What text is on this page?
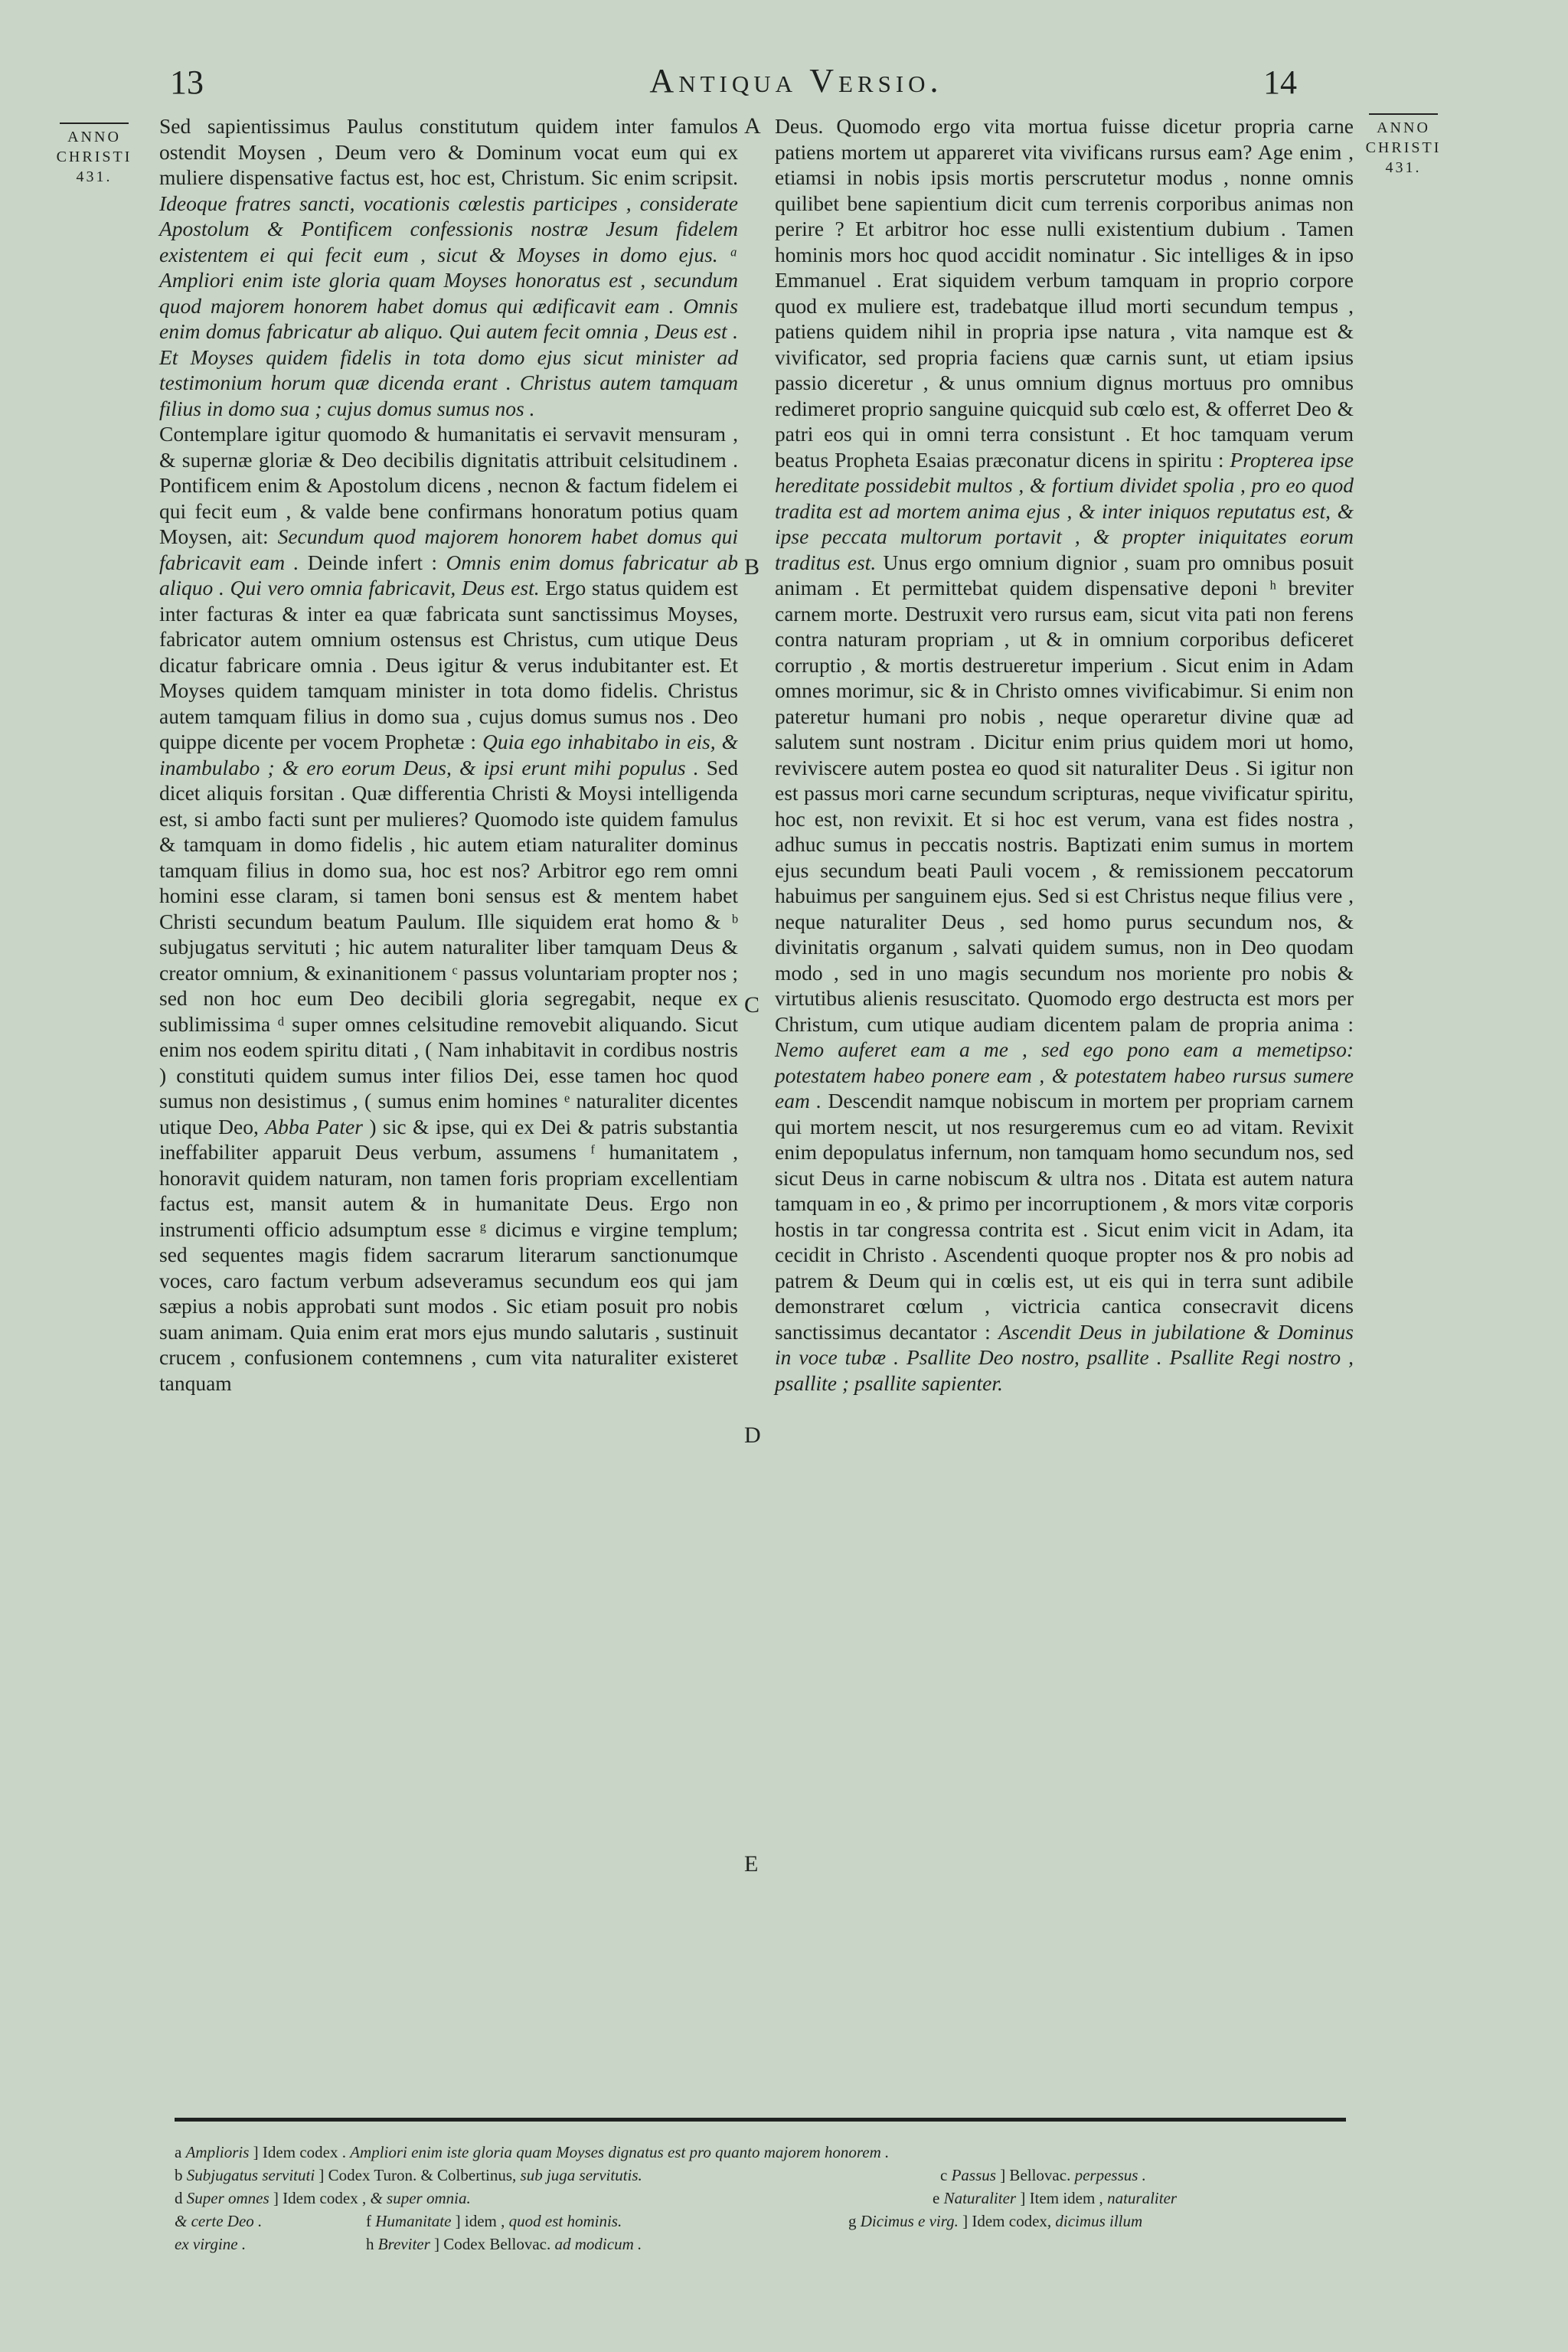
13	Antiqua Versio.	14
ANNO
CHRISTI
431.
ANNO
CHRISTI
431.
A
B
C
D
E

Sed sapientissimus Paulus constitutum quidem inter famulos ostendit Moysen , Deum vero & Dominum vocat eum qui ex muliere dispensative factus est, hoc est, Christum. Sic enim scripsit. Ideoque fratres sancti, vocationis cœlestis participes , considerate Apostolum & Pontificem confessionis nostræ Jesum fidelem existentem ei qui fecit eum , sicut & Moyses in domo ejus. ᵃ Ampliori enim iste gloria quam Moyses honoratus est , secundum quod majorem honorem habet domus qui ædificavit eam . Omnis enim domus fabricatur ab aliquo. Qui autem fecit omnia , Deus est . Et Moyses quidem fidelis in tota domo ejus sicut minister ad testimonium horum quæ dicenda erant . Christus autem tamquam filius in domo sua ; cujus domus sumus nos .

Contemplare igitur quomodo & humanitatis ei servavit mensuram , & supernæ gloriæ & Deo decibilis dignitatis attribuit celsitudinem . Pontificem enim & Apostolum dicens , necnon & factum fidelem ei qui fecit eum , & valde bene confirmans honoratum potius quam Moysen, ait: Secundum quod majorem honorem habet domus qui fabricavit eam . Deinde infert : Omnis enim domus fabricatur ab aliquo . Qui vero omnia fabricavit, Deus est. Ergo status quidem est inter facturas & inter ea quæ fabricata sunt sanctissimus Moyses, fabricator autem omnium ostensus est Christus, cum utique Deus dicatur fabricare omnia . Deus igitur & verus indubitanter est. Et Moyses quidem tamquam minister in tota domo fidelis. Christus autem tamquam filius in domo sua , cujus domus sumus nos . Deo quippe dicente per vocem Prophetæ : Quia ego inhabitabo in eis, & inambulabo ; & ero eorum Deus, & ipsi erunt mihi populus . Sed dicet aliquis forsitan . Quæ differentia Christi & Moysi intelligenda est, si ambo facti sunt per mulieres? Quomodo iste quidem famulus & tamquam in domo fidelis , hic autem etiam naturaliter dominus tamquam filius in domo sua, hoc est nos? Arbitror ego rem omni homini esse claram, si tamen boni sensus est & mentem habet Christi secundum beatum Paulum. Ille siquidem erat homo & ᵇ subjugatus servituti ; hic autem naturaliter liber tamquam Deus & creator omnium, & exinanitionem ᶜ passus voluntariam propter nos ; sed non hoc eum Deo decibili gloria segregabit, neque ex sublimissima ᵈ super omnes celsitudine removebit aliquando. Sicut enim nos eodem spiritu ditati , ( Nam inhabitavit in cordibus nostris ) constituti quidem sumus inter filios Dei, esse tamen hoc quod sumus non desistimus , ( sumus enim homines ᵉ naturaliter dicentes utique Deo, Abba Pater ) sic & ipse, qui ex Dei & patris substantia ineffabiliter apparuit Deus verbum, assumens ᶠ humanitatem , honoravit quidem naturam, non tamen foris propriam excellentiam factus est, mansit autem & in humanitate Deus. Ergo non instrumenti officio adsumptum esse ᵍ dicimus e virgine templum; sed sequentes magis fidem sacrarum literarum sanctionumque voces, caro factum verbum adseveramus secundum eos qui jam sæpius a nobis approbati sunt modos . Sic etiam posuit pro nobis suam animam. Quia enim erat mors ejus mundo salutaris , sustinuit crucem , confusionem contemnens , cum vita naturaliter existeret tanquam

Deus. Quomodo ergo vita mortua fuisse dicetur propria carne patiens mortem ut appareret vita vivificans rursus eam? Age enim , etiamsi in nobis ipsis mortis perscrutetur modus , nonne omnis quilibet bene sapientium dicit cum terrenis corporibus animas non perire ? Et arbitror hoc esse nulli existentium dubium . Tamen hominis mors hoc quod accidit nominatur . Sic intelliges & in ipso Emmanuel . Erat siquidem verbum tamquam in proprio corpore quod ex muliere est, tradebatque illud morti secundum tempus , patiens quidem nihil in propria ipse natura , vita namque est & vivificator, sed propria faciens quæ carnis sunt, ut etiam ipsius passio diceretur , & unus omnium dignus mortuus pro omnibus redimeret proprio sanguine quicquid sub cœlo est, & offerret Deo & patri eos qui in omni terra consistunt . Et hoc tamquam verum beatus Propheta Esaias præconatur dicens in spiritu : Propterea ipse hereditate possidebit multos , & fortium dividet spolia , pro eo quod tradita est ad mortem anima ejus , & inter iniquos reputatus est, & ipse peccata multorum portavit , & propter iniquitates eorum traditus est. Unus ergo omnium dignior , suam pro omnibus posuit animam . Et permittebat quidem dispensative deponi ʰ breviter carnem morte. Destruxit vero rursus eam, sicut vita pati non ferens contra naturam propriam , ut & in omnium corporibus deficeret corruptio , & mortis destrueretur imperium . Sicut enim in Adam omnes morimur, sic & in Christo omnes vivificabimur. Si enim non pateretur humani pro nobis , neque operaretur divine quæ ad salutem sunt nostram . Dicitur enim prius quidem mori ut homo, reviviscere autem postea eo quod sit naturaliter Deus . Si igitur non est passus mori carne secundum scripturas, neque vivificatur spiritu, hoc est, non revixit. Et si hoc est verum, vana est fides nostra , adhuc sumus in peccatis nostris. Baptizati enim sumus in mortem ejus secundum beati Pauli vocem , & remissionem peccatorum habuimus per sanguinem ejus. Sed si est Christus neque filius vere , neque naturaliter Deus , sed homo purus secundum nos, & divinitatis organum , salvati quidem sumus, non in Deo quodam modo , sed in uno magis secundum nos moriente pro nobis & virtutibus alienis resuscitato. Quomodo ergo destructa est mors per Christum, cum utique audiam dicentem palam de propria anima : Nemo auferet eam a me , sed ego pono eam a memetipso: potestatem habeo ponere eam , & potestatem habeo rursus sumere eam . Descendit namque nobiscum in mortem per propriam carnem qui mortem nescit, ut nos resurgeremus cum eo ad vitam. Revixit enim depopulatus infernum, non tamquam homo secundum nos, sed sicut Deus in carne nobiscum & ultra nos . Ditata est autem natura tamquam in eo , & primo per incorruptionem , & mors vitæ corporis hostis in tar congressa contrita est . Sicut enim vicit in Adam, ita cecidit in Christo . Ascendenti quoque propter nos & pro nobis ad patrem & Deum qui in cœlis est, ut eis qui in terra sunt adibile demonstraret cœlum , victricia cantica consecravit dicens sanctissimus decantator : Ascendit Deus in jubilatione & Dominus in voce tubæ . Psallite Deo nostro, psallite . Psallite Regi nostro , psallite ; psallite sapienter.

a Amplioris ] Idem codex . Ampliori enim iste gloria quam Moyses dignatus est pro quanto majorem honorem .
b Subjugatus servituti ] Codex Turon. & Colbertinus, sub juga servitutis.	c Passus ] Bellovac. perpessus .
d Super omnes ] Idem codex , & super omnia.	e Naturaliter ] Item idem , naturaliter
& certe Deo .	f Humanitate ] idem , quod est hominis.	g Dicimus e virg. ] Idem codex, dicimus illum
ex virgine .	h Breviter ] Codex Bellovac. ad modicum .
